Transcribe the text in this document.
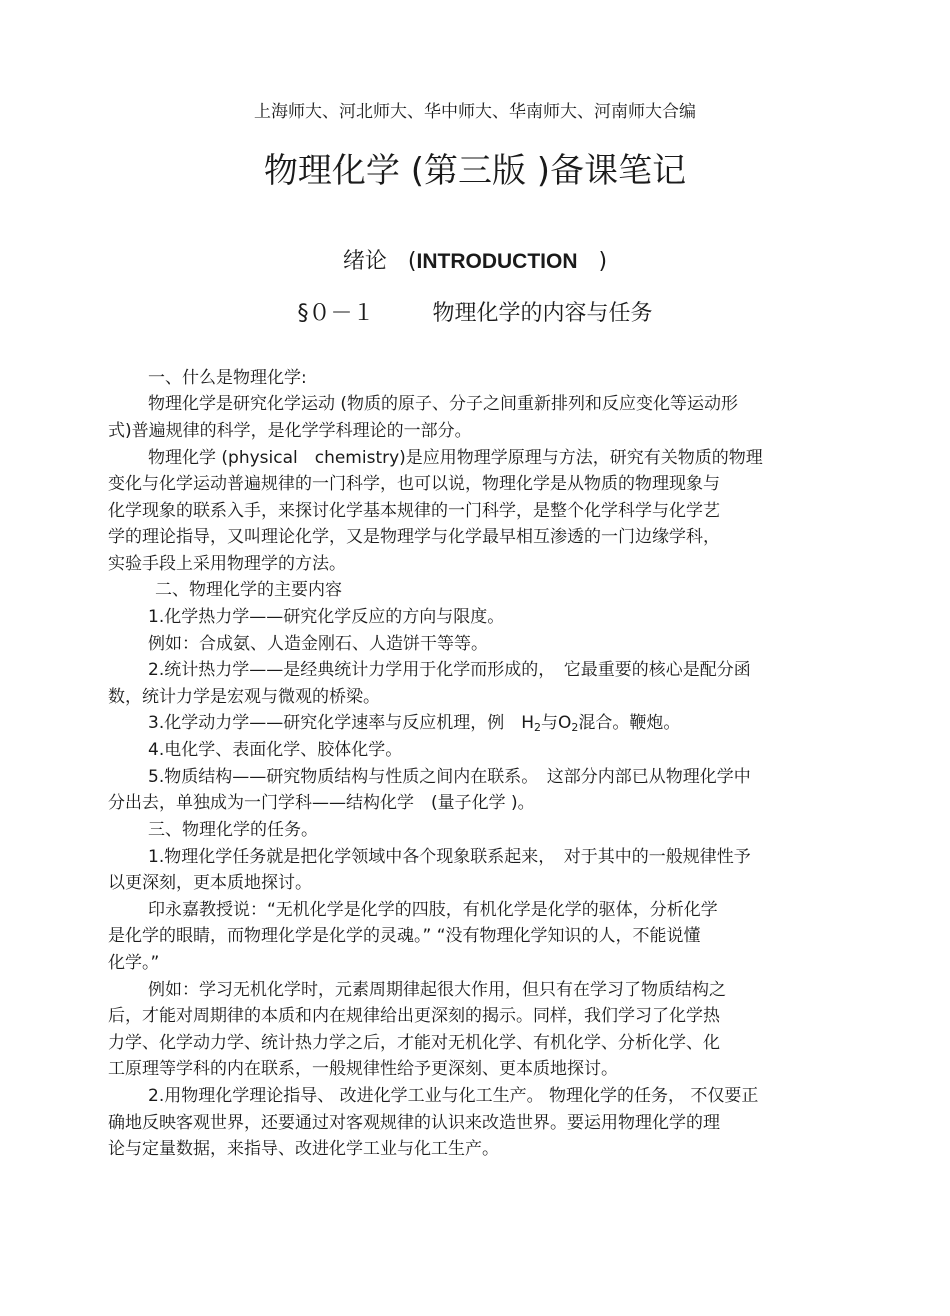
上海师大、河北师大、华中师大、华南师大、河南师大合编
物理化学 (第三版 )备课笔记
绪论 (INTRODUCTION )
§０－１	物理化学的内容与任务
一、什么是物理化学:
物理化学是研究化学运动 (物质的原子、分子之间重新排列和反应变化等运动形
式)普遍规律的科学，是化学学科理论的一部分。
物理化学 (physical　chemistry)是应用物理学原理与方法，研究有关物质的物理
变化与化学运动普遍规律的一门科学，也可以说，物理化学是从物质的物理现象与
化学现象的联系入手，来探讨化学基本规律的一门科学，是整个化学科学与化学艺
学的理论指导，又叫理论化学，又是物理学与化学最早相互渗透的一门边缘学科，
实验手段上采用物理学的方法。
二、物理化学的主要内容
1.化学热力学——研究化学反应的方向与限度。
例如：合成氨、人造金刚石、人造饼干等等。
2.统计热力学——是经典统计力学用于化学而形成的，　它最重要的核心是配分函
数，统计力学是宏观与微观的桥梁。
3.化学动力学——研究化学速率与反应机理，例　$H_2$与$O_2$混合。鞭炮。
4.电化学、表面化学、胶体化学。
5.物质结构——研究物质结构与性质之间内在联系。　这部分内部已从物理化学中
分出去，单独成为一门学科——结构化学　(量子化学 )。
三、物理化学的任务。
1.物理化学任务就是把化学领域中各个现象联系起来，　对于其中的一般规律性予
以更深刻，更本质地探讨。
印永嘉教授说：“无机化学是化学的四肢，有机化学是化学的驱体，分析化学
是化学的眼睛，而物理化学是化学的灵魂。” “没有物理化学知识的人，不能说懂
化学。”
例如：学习无机化学时，元素周期律起很大作用，但只有在学习了物质结构之
后，才能对周期律的本质和内在规律给出更深刻的揭示。同样，我们学习了化学热
力学、化学动力学、统计热力学之后，才能对无机化学、有机化学、分析化学、化
工原理等学科的内在联系，一般规律性给予更深刻、更本质地探讨。
2.用物理化学理论指导、 改进化学工业与化工生产。 物理化学的任务， 不仅要正
确地反映客观世界，还要通过对客观规律的认识来改造世界。要运用物理化学的理
论与定量数据，来指导、改进化学工业与化工生产。
